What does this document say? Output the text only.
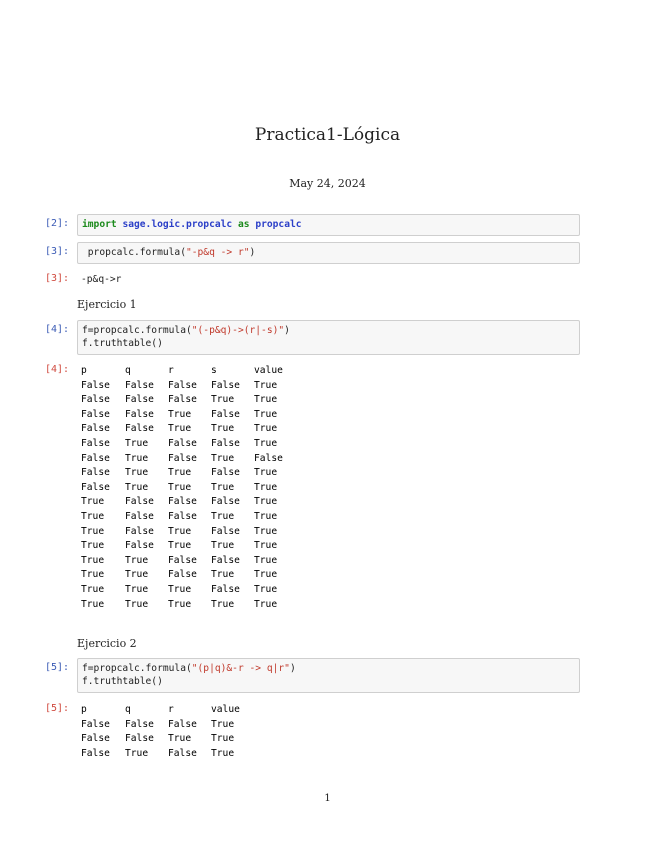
Practica1-Lógica
May 24, 2024
[2]:	import sage.logic.propcalc as propcalc
[3]:	propcalc.formula("-p&q -> r")
[3]:	-p&q->r
Ejercicio 1
[4]:	f=propcalc.formula("(-p&q)->(r|-s)")
f.truthtable()
[4]:	p	q	r	s	value
False	False	False	False	True
False	False	False	True	True
False	False	True	False	True
False	False	True	True	True
False	True	False	False	True
False	True	False	True	False
False	True	True	False	True
False	True	True	True	True
True	False	False	False	True
True	False	False	True	True
True	False	True	False	True
True	False	True	True	True
True	True	False	False	True
True	True	False	True	True
True	True	True	False	True
True	True	True	True	True
Ejercicio 2
[5]:	f=propcalc.formula("(p|q)&-r -> q|r")
f.truthtable()
[5]:	p	q	r	value
False	False	False	True
False	False	True	True
False	True	False	True
1
